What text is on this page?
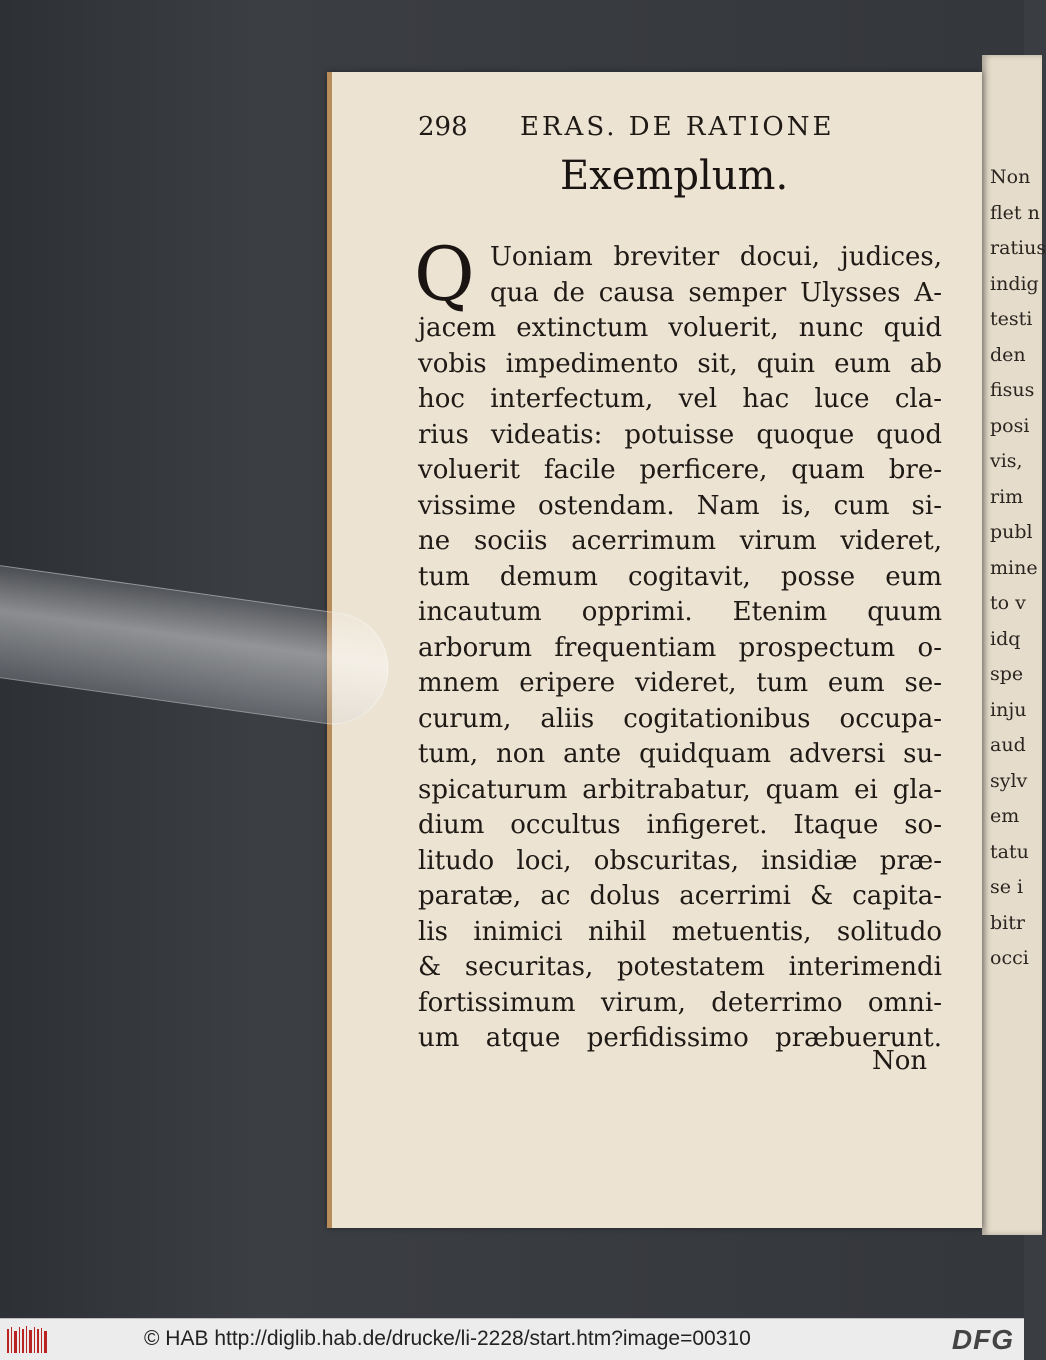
Non
flet n
ratius
indig
testi
den
fisus
posi
vis,
rim
publ
mine
to v
idq
spe
inju
aud
sylv
em
tatu
se i
bitr
occi
298 ERAS. DE RATIONE
Exemplum.
Q Uoniam breviter docui, judices,
qua de causa semper Ulysses A-
jacem extinctum voluerit, nunc quid
vobis impedimento sit, quin eum ab
hoc interfectum, vel hac luce cla-
rius videatis: potuisse quoque quod
voluerit facile perficere, quam bre-
vissime ostendam. Nam is, cum si-
ne sociis acerrimum virum videret,
tum demum cogitavit, posse eum
incautum opprimi. Etenim quum
arborum frequentiam prospectum o-
mnem eripere videret, tum eum se-
curum, aliis cogitationibus occupa-
tum, non ante quidquam adversi su-
spicaturum arbitrabatur, quam ei gla-
dium occultus infigeret. Itaque so-
litudo loci, obscuritas, insidiæ præ-
paratæ, ac dolus acerrimi & capita-
lis inimici nihil metuentis, solitudo
& securitas, potestatem interimendi
fortissimum virum, deterrimo omni-
um atque perfidissimo præbuerunt.
Non
© HAB http://diglib.hab.de/drucke/li-2228/start.htm?image=00310	DFG
